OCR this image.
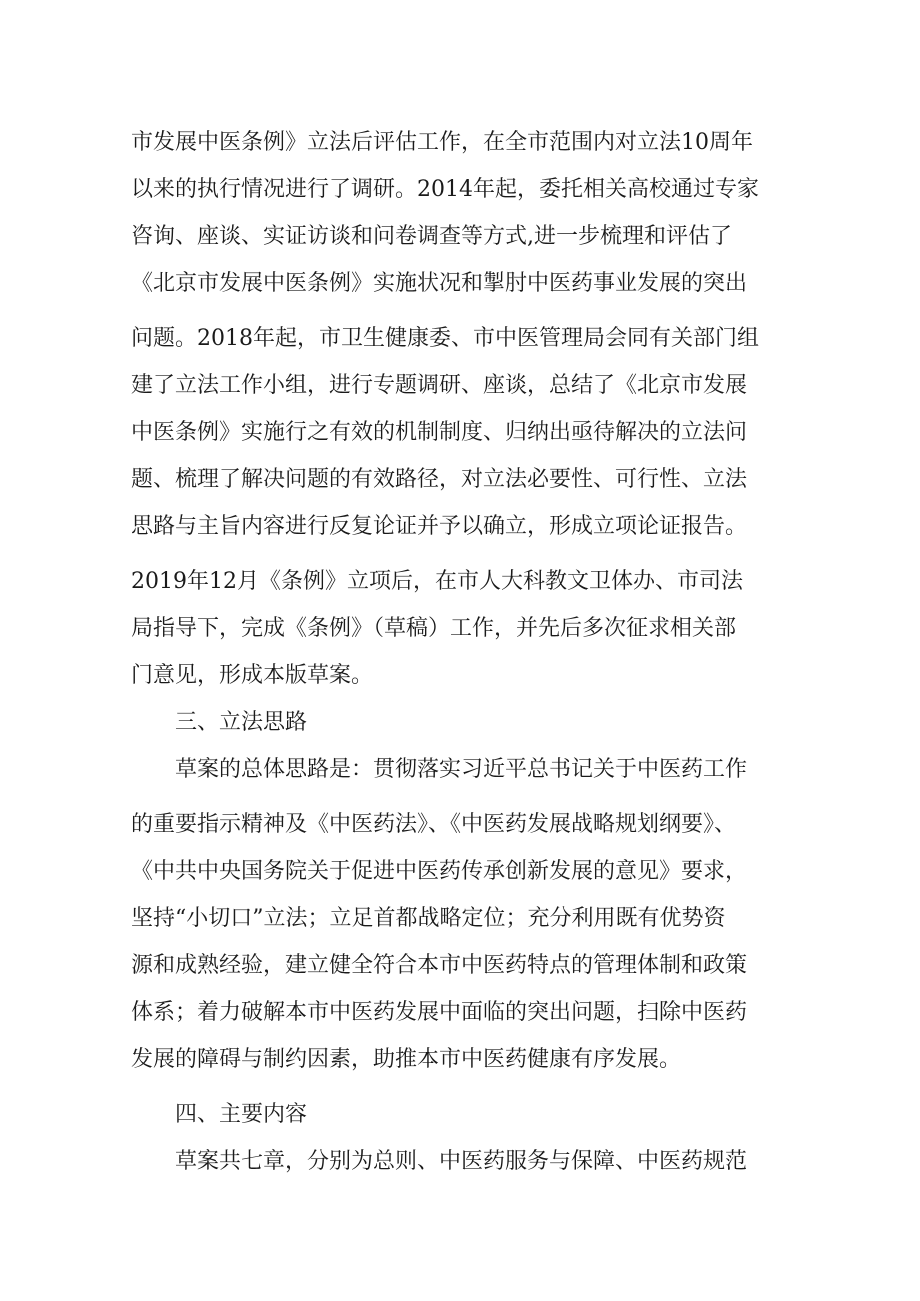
市发展中医条例》立法后评估工作，在全市范围内对立法10周年
以来的执行情况进行了调研。2014年起，委托相关高校通过专家
咨询、座谈、实证访谈和问卷调查等方式,进一步梳理和评估了
《北京市发展中医条例》实施状况和掣肘中医药事业发展的突出
问题。2018年起，市卫生健康委、市中医管理局会同有关部门组
建了立法工作小组，进行专题调研、座谈，总结了《北京市发展
中医条例》实施行之有效的机制制度、归纳出亟待解决的立法问
题、梳理了解决问题的有效路径，对立法必要性、可行性、立法
思路与主旨内容进行反复论证并予以确立，形成立项论证报告。
2019年12月《条例》立项后，在市人大科教文卫体办、市司法
局指导下，完成《条例》（草稿）工作，并先后多次征求相关部
门意见，形成本版草案。
三、立法思路
草案的总体思路是：贯彻落实习近平总书记关于中医药工作
的重要指示精神及《中医药法》、《中医药发展战略规划纲要》、
《中共中央国务院关于促进中医药传承创新发展的意见》要求，
坚持“小切口”立法；立足首都战略定位；充分利用既有优势资
源和成熟经验，建立健全符合本市中医药特点的管理体制和政策
体系；着力破解本市中医药发展中面临的突出问题，扫除中医药
发展的障碍与制约因素，助推本市中医药健康有序发展。
四、主要内容
草案共七章，分别为总则、中医药服务与保障、中医药规范
